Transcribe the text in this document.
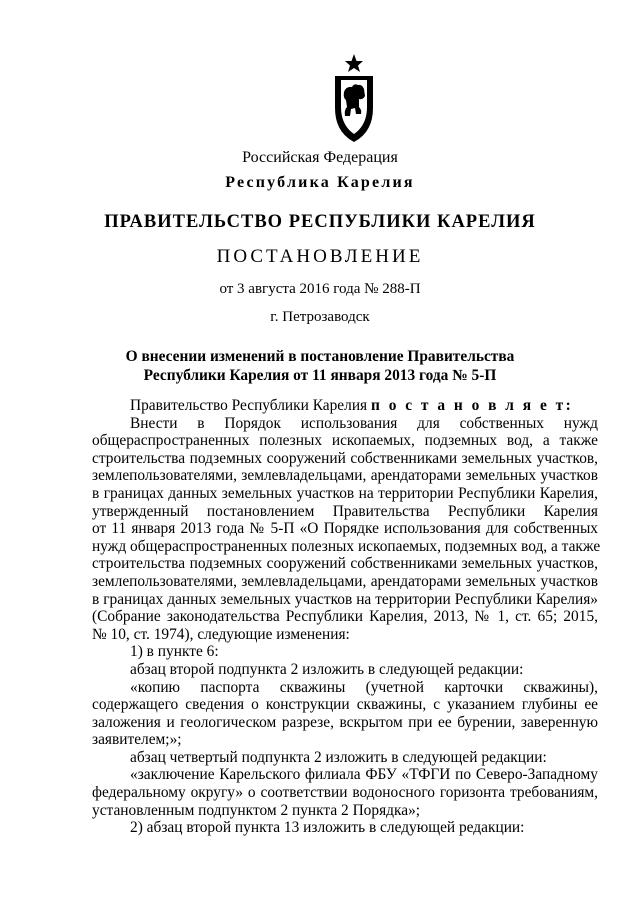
Российская Федерация
Республика Карелия
ПРАВИТЕЛЬСТВО РЕСПУБЛИКИ КАРЕЛИЯ
ПОСТАНОВЛЕНИЕ
от 3 августа 2016 года № 288-П
г. Петрозаводск
О внесении изменений в постановление Правительства
Республики Карелия от 11 января 2013 года № 5-П
Правительство Республики Карелия п о с т а н о в л я е т:
Внести в Порядок использования для собственных нужд
общераспространенных полезных ископаемых, подземных вод, а также
строительства подземных сооружений собственниками земельных участков,
землепользователями, землевладельцами, арендаторами земельных участков
в границах данных земельных участков на территории Республики Карелия,
утвержденный постановлением Правительства Республики Карелия
от 11 января 2013 года № 5-П «О Порядке использования для собственных
нужд общераспространенных полезных ископаемых, подземных вод, а также
строительства подземных сооружений собственниками земельных участков,
землепользователями, землевладельцами, арендаторами земельных участков
в границах данных земельных участков на территории Республики Карелия»
(Собрание законодательства Республики Карелия, 2013, № 1, ст. 65; 2015,
№ 10, ст. 1974), следующие изменения:
1) в пункте 6:
абзац второй подпункта 2 изложить в следующей редакции:
«копию паспорта скважины (учетной карточки скважины),
содержащего сведения о конструкции скважины, с указанием глубины ее
заложения и геологическом разрезе, вскрытом при ее бурении, заверенную
заявителем;»;
абзац четвертый подпункта 2 изложить в следующей редакции:
«заключение Карельского филиала ФБУ «ТФГИ по Северо-Западному
федеральному округу» о соответствии водоносного горизонта требованиям,
установленным подпунктом 2 пункта 2 Порядка»;
2) абзац второй пункта 13 изложить в следующей редакции:
